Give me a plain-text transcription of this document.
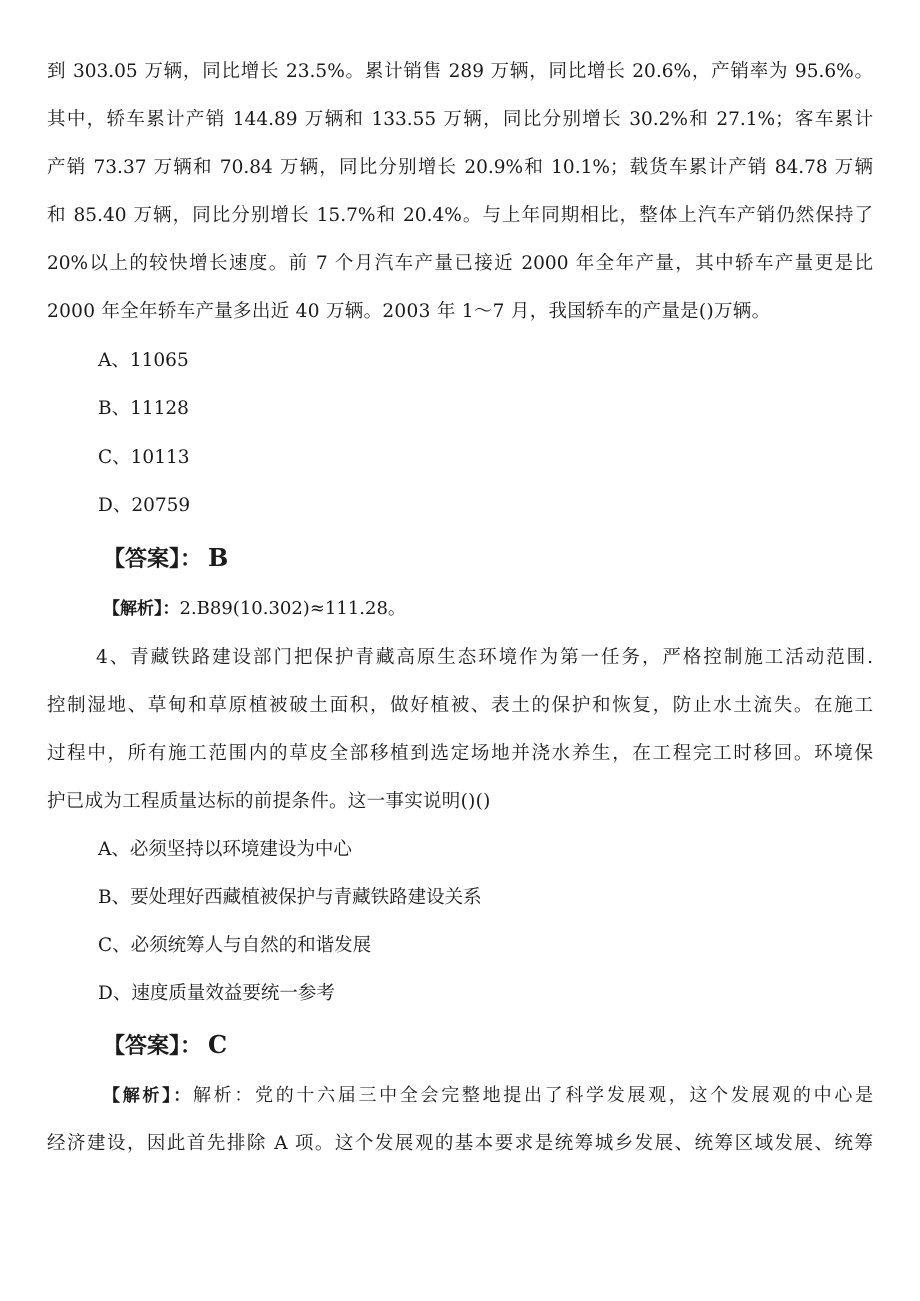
到 303.05 万辆，同比增长 23.5%。累计销售 289 万辆，同比增长 20.6%，产销率为 95.6%。
其中，轿车累计产销 144.89 万辆和 133.55 万辆，同比分别增长 30.2%和 27.1%；客车累计
产销 73.37 万辆和 70.84 万辆，同比分别增长 20.9%和 10.1%；载货车累计产销 84.78 万辆
和 85.40 万辆，同比分别增长 15.7%和 20.4%。与上年同期相比，整体上汽车产销仍然保持了
20%以上的较快增长速度。前 7 个月汽车产量已接近 2000 年全年产量，其中轿车产量更是比
2000 年全年轿车产量多出近 40 万辆。2003 年 1～7 月，我国轿车的产量是()万辆。
A、11065
B、11128
C、10113
D、20759
【答案】： B
【解析】：2.B89(10.302)≈111.28。
4、青藏铁路建设部门把保护青藏高原生态环境作为第一任务，严格控制施工活动范围.
控制湿地、草甸和草原植被破土面积，做好植被、表土的保护和恢复，防止水土流失。在施工
过程中，所有施工范围内的草皮全部移植到选定场地并浇水养生，在工程完工时移回。环境保
护已成为工程质量达标的前提条件。这一事实说明()()
A、必须坚持以环境建设为中心
B、要处理好西藏植被保护与青藏铁路建设关系
C、必须统筹人与自然的和谐发展
D、速度质量效益要统一参考
【答案】： C
【解析】：解析：党的十六届三中全会完整地提出了科学发展观，这个发展观的中心是
经济建设，因此首先排除 A 项。这个发展观的基本要求是统筹城乡发展、统筹区域发展、统筹
